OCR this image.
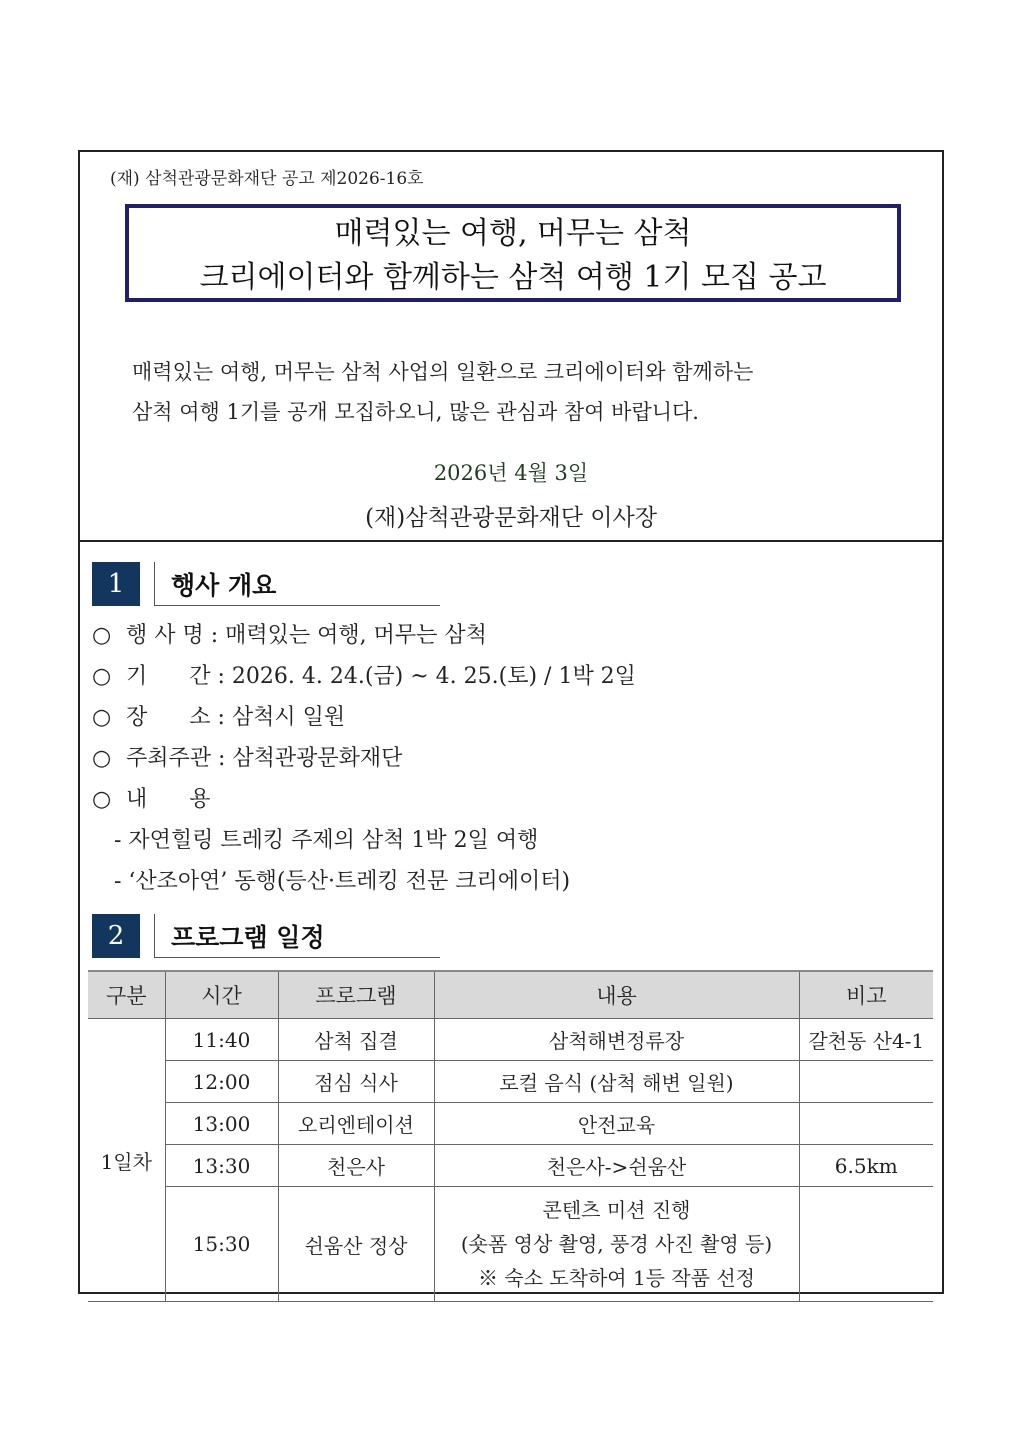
(재) 삼척관광문화재단 공고 제2026-16호
매력있는 여행, 머무는 삼척
크리에이터와 함께하는 삼척 여행 1기 모집 공고
매력있는 여행, 머무는 삼척 사업의 일환으로 크리에이터와 함께하는
삼척 여행 1기를 공개 모집하오니, 많은 관심과 참여 바랍니다.
2026년 4월 3일
(재)삼척관광문화재단 이사장
1	행사 개요
○ 행 사 명 : 매력있는 여행, 머무는 삼척
○ 기      간 : 2026. 4. 24.(금) ~ 4. 25.(토) / 1박 2일
○ 장      소 : 삼척시 일원
○ 주최주관 : 삼척관광문화재단
○ 내      용
- 자연힐링 트레킹 주제의 삼척 1박 2일 여행
- ‘산조아연’ 동행(등산·트레킹 전문 크리에이터)
2	프로그램 일정
구분	시간	프로그램	내용	비고
1일차	11:40	삼척 집결	삼척해변정류장	갈천동 산4-1
	12:00	점심 식사	로컬 음식 (삼척 해변 일원)	
	13:00	오리엔테이션	안전교육	
	13:30	천은사	천은사->쉰움산	6.5km
	15:30	쉰움산 정상	콘텐츠 미션 진행
(숏폼 영상 촬영, 풍경 사진 촬영 등)
※ 숙소 도착하여 1등 작품 선정	
